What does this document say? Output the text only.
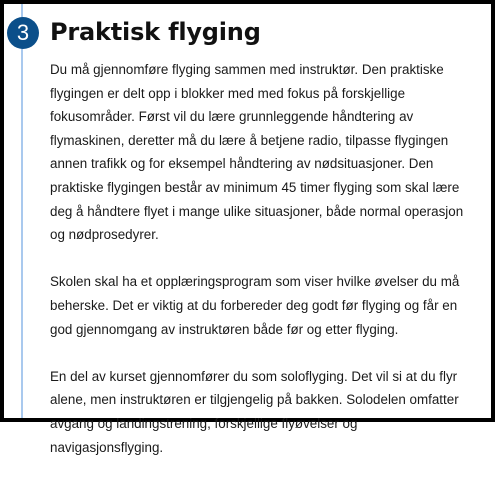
3 Praktisk flyging

Du må gjennomføre flyging sammen med instruktør. Den praktiske
flygingen er delt opp i blokker med med fokus på forskjellige
fokusområder. Først vil du lære grunnleggende håndtering av
flymaskinen, deretter må du lære å betjene radio, tilpasse flygingen
annen trafikk og for eksempel håndtering av nødsituasjoner. Den
praktiske flygingen består av minimum 45 timer flyging som skal lære
deg å håndtere flyet i mange ulike situasjoner, både normal operasjon
og nødprosedyrer.

Skolen skal ha et opplæringsprogram som viser hvilke øvelser du må
beherske. Det er viktig at du forbereder deg godt før flyging og får en
god gjennomgang av instruktøren både før og etter flyging.

En del av kurset gjennomfører du som soloflyging. Det vil si at du flyr
alene, men instruktøren er tilgjengelig på bakken. Solodelen omfatter
avgang og landingstrening, forskjellige flyøvelser og
navigasjonsflyging.
